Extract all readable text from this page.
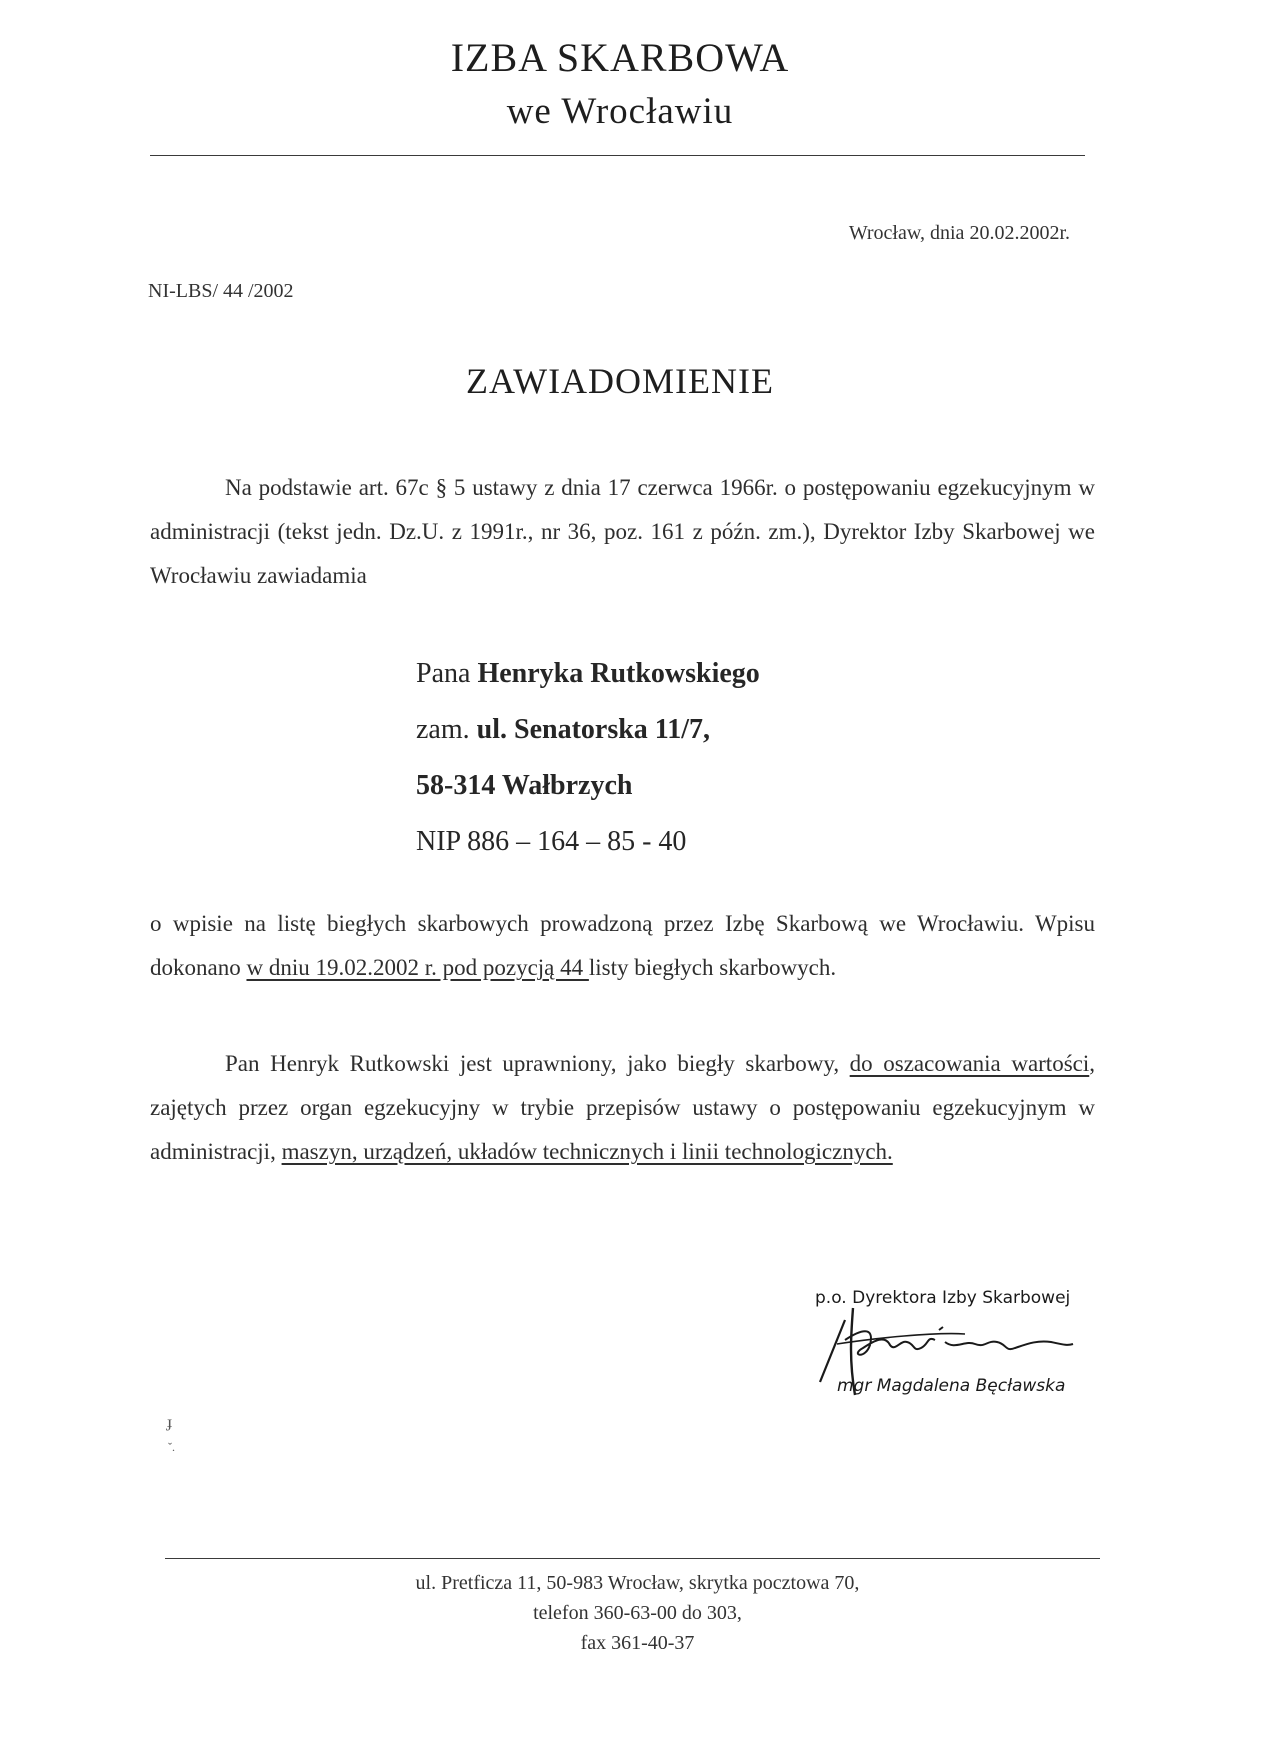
IZBA SKARBOWA
we Wrocławiu
Wrocław, dnia 20.02.2002r.
NI-LBS/ 44 /2002
ZAWIADOMIENIE
Na podstawie art. 67c § 5 ustawy z dnia 17 czerwca 1966r. o postępowaniu egzekucyjnym w administracji (tekst jedn. Dz.U. z 1991r., nr 36, poz. 161 z późn. zm.), Dyrektor Izby Skarbowej we Wrocławiu zawiadamia
Pana Henryka Rutkowskiego
zam. ul. Senatorska 11/7,
58-314 Wałbrzych
NIP 886 – 164 – 85 - 40
o wpisie na listę biegłych skarbowych prowadzoną przez Izbę Skarbową we Wrocławiu. Wpisu dokonano w dniu 19.02.2002 r. pod pozycją 44 listy biegłych skarbowych.
Pan Henryk Rutkowski jest uprawniony, jako biegły skarbowy, do oszacowania wartości, zajętych przez organ egzekucyjny w trybie przepisów ustawy o postępowaniu egzekucyjnym w administracji, maszyn, urządzeń, układów technicznych i linii technologicznych.
p.o. Dyrektora Izby Skarbowej
mgr Magdalena Bęcławska
ɟ
ˇ.
ul. Pretficza 11, 50-983 Wrocław, skrytka pocztowa 70,
telefon 360-63-00 do 303,
fax 361-40-37
